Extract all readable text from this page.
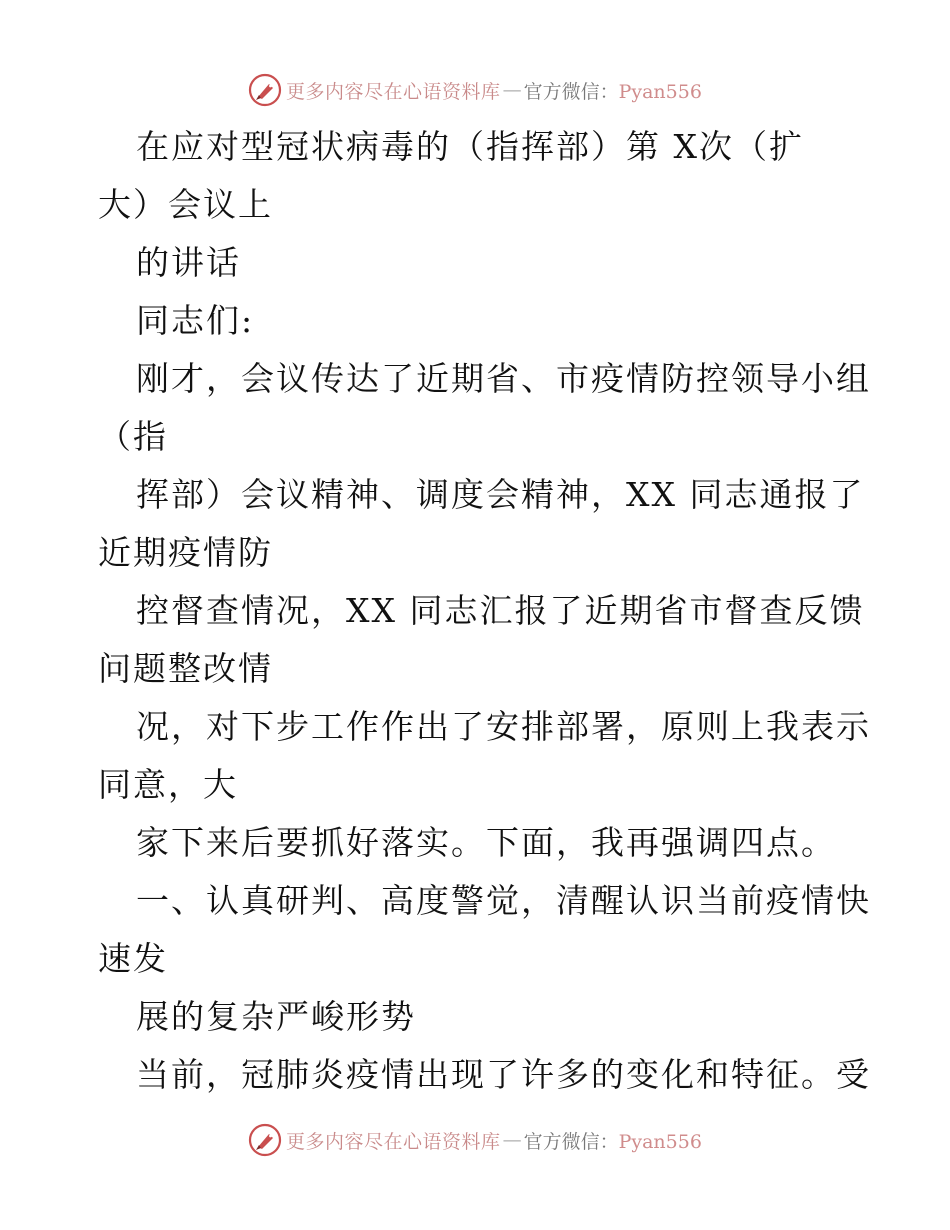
更多内容尽在心语资料库 — 官方微信：Pyan556
在应对型冠状病毒的（指挥部）第 X次（扩
大）会议上
的讲话
同志们:
刚才，会议传达了近期省、市疫情防控领导小组
（指
挥部）会议精神、调度会精神，XX 同志通报了
近期疫情防
控督查情况，XX 同志汇报了近期省市督查反馈
问题整改情
况，对下步工作作出了安排部署，原则上我表示
同意，大
家下来后要抓好落实。下面，我再强调四点。
一、认真研判、高度警觉，清醒认识当前疫情快
速发
展的复杂严峻形势
当前，冠肺炎疫情出现了许多的变化和特征。受
更多内容尽在心语资料库 — 官方微信：Pyan556
